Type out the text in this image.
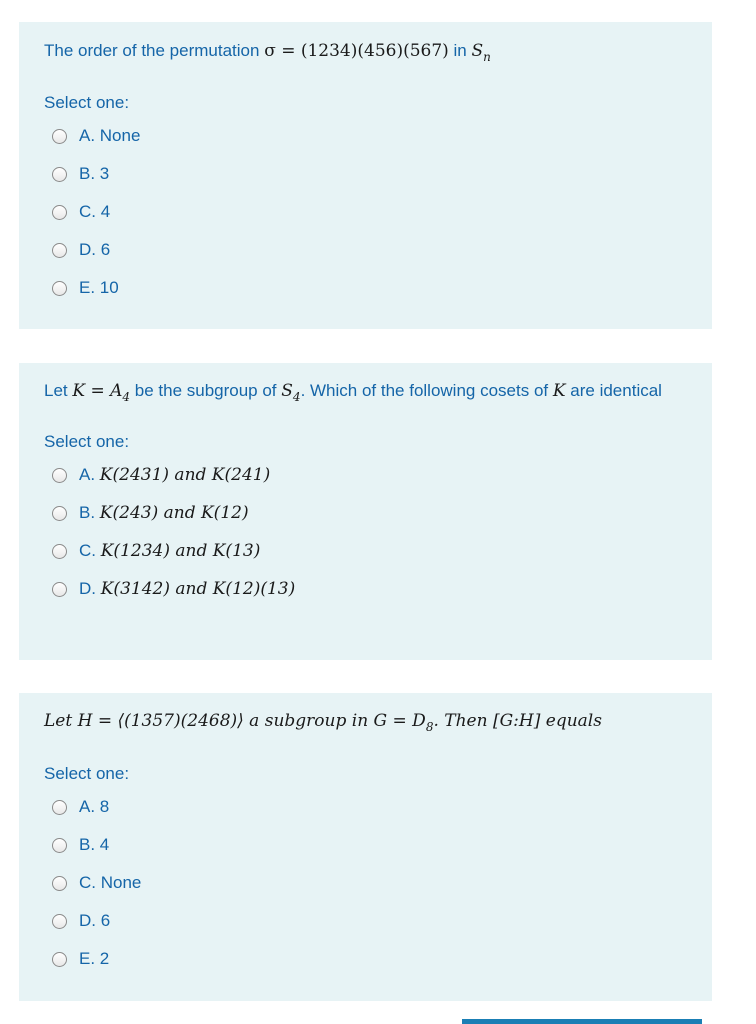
The order of the permutation σ = (1234)(456)(567) in $S_n$
Select one:
A. None
B. 3
C. 4
D. 6
E. 10
Let $K = A_4$ be the subgroup of $S_4$. Which of the following cosets of K are identical
Select one:
A. K(2431) and K(241)
B. K(243) and K(12)
C. K(1234) and K(13)
D. K(3142) and K(12)(13)
Let H = ⟨(1357)(2468)⟩ a subgroup in $G = D_8$. Then [G:H] equals
Select one:
A. 8
B. 4
C. None
D. 6
E. 2
